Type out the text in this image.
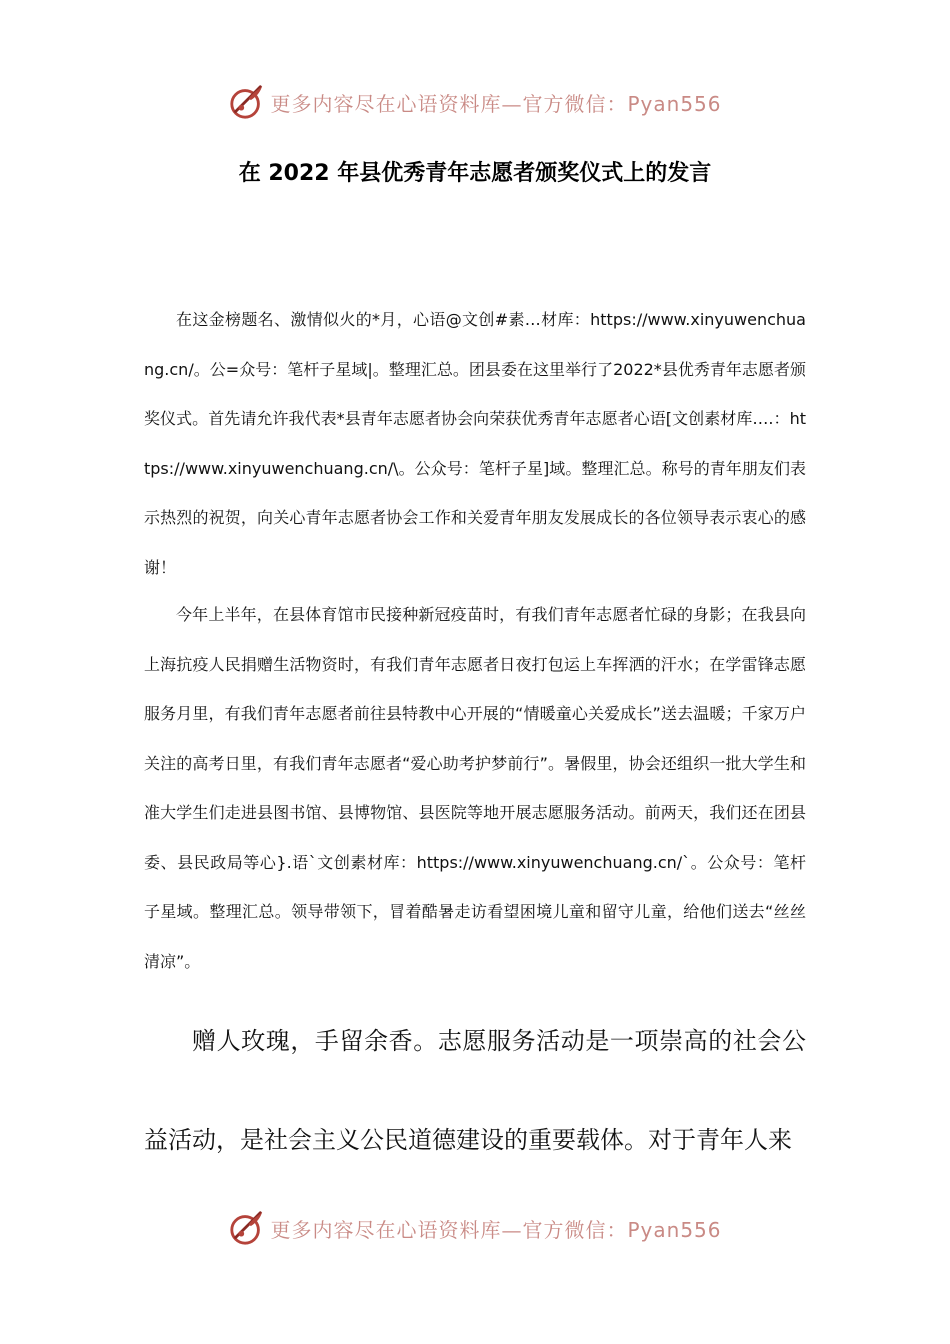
更多内容尽在心语资料库—官方微信：Pyan556
在 2022 年县优秀青年志愿者颁奖仪式上的发言

在这金榜题名、激情似火的*月，心语@文创#素…材库：https://www.xinyuwenchuang.cn/。公=众号：笔杆子星域|。整理汇总。团县委在这里举行了2022*县优秀青年志愿者颁奖仪式。首先请允许我代表*县青年志愿者协会向荣获优秀青年志愿者心语[文创素材库….：https://www.xinyuwenchuang.cn/\。公众号：笔杆子星]域。整理汇总。称号的青年朋友们表示热烈的祝贺，向关心青年志愿者协会工作和关爱青年朋友发展成长的各位领导表示衷心的感谢！

今年上半年，在县体育馆市民接种新冠疫苗时，有我们青年志愿者忙碌的身影；在我县向上海抗疫人民捐赠生活物资时，有我们青年志愿者日夜打包运上车挥洒的汗水；在学雷锋志愿服务月里，有我们青年志愿者前往县特教中心开展的“情暖童心关爱成长”送去温暖；千家万户关注的高考日里，有我们青年志愿者“爱心助考护梦前行”。暑假里，协会还组织一批大学生和准大学生们走进县图书馆、县博物馆、县医院等地开展志愿服务活动。前两天，我们还在团县委、县民政局等心}.语`文创素材库：https://www.xinyuwenchuang.cn/`。公众号：笔杆子星域。整理汇总。领导带领下，冒着酷暑走访看望困境儿童和留守儿童，给他们送去“丝丝清凉”。

赠人玫瑰，手留余香。志愿服务活动是一项崇高的社会公益活动，是社会主义公民道德建设的重要载体。对于青年人来

更多内容尽在心语资料库—官方微信：Pyan556
